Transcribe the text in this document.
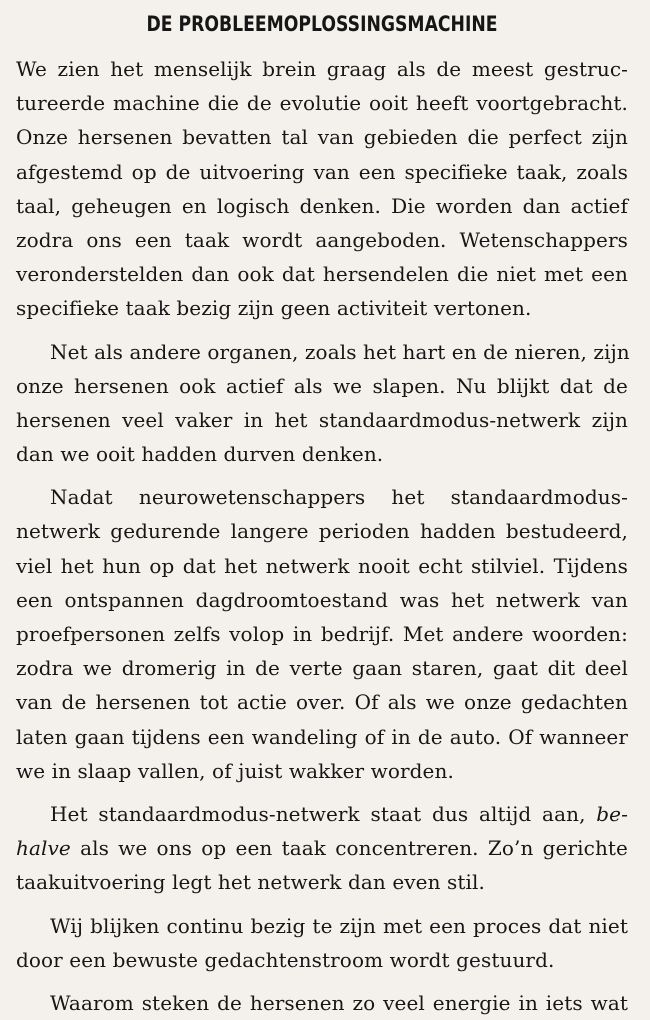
DE PROBLEEMOPLOSSINGSMACHINE
We zien het menselijk brein graag als de meest gestruc-
tureerde machine die de evolutie ooit heeft voortgebracht.
Onze hersenen bevatten tal van gebieden die perfect zijn
afgestemd op de uitvoering van een specifieke taak, zoals
taal, geheugen en logisch denken. Die worden dan actief
zodra ons een taak wordt aangeboden. Wetenschappers
veronderstelden dan ook dat hersendelen die niet met een
specifieke taak bezig zijn geen activiteit vertonen.
Net als andere organen, zoals het hart en de nieren, zijn
onze hersenen ook actief als we slapen. Nu blijkt dat de
hersenen veel vaker in het standaardmodus-netwerk zijn
dan we ooit hadden durven denken.
Nadat neurowetenschappers het standaardmodus-
netwerk gedurende langere perioden hadden bestudeerd,
viel het hun op dat het netwerk nooit echt stilviel. Tijdens
een ontspannen dagdroomtoestand was het netwerk van
proefpersonen zelfs volop in bedrijf. Met andere woorden:
zodra we dromerig in de verte gaan staren, gaat dit deel
van de hersenen tot actie over. Of als we onze gedachten
laten gaan tijdens een wandeling of in de auto. Of wanneer
we in slaap vallen, of juist wakker worden.
Het standaardmodus-netwerk staat dus altijd aan, be-
halve als we ons op een taak concentreren. Zo’n gerichte
taakuitvoering legt het netwerk dan even stil.
Wij blijken continu bezig te zijn met een proces dat niet
door een bewuste gedachtenstroom wordt gestuurd.
Waarom steken de hersenen zo veel energie in iets wat
